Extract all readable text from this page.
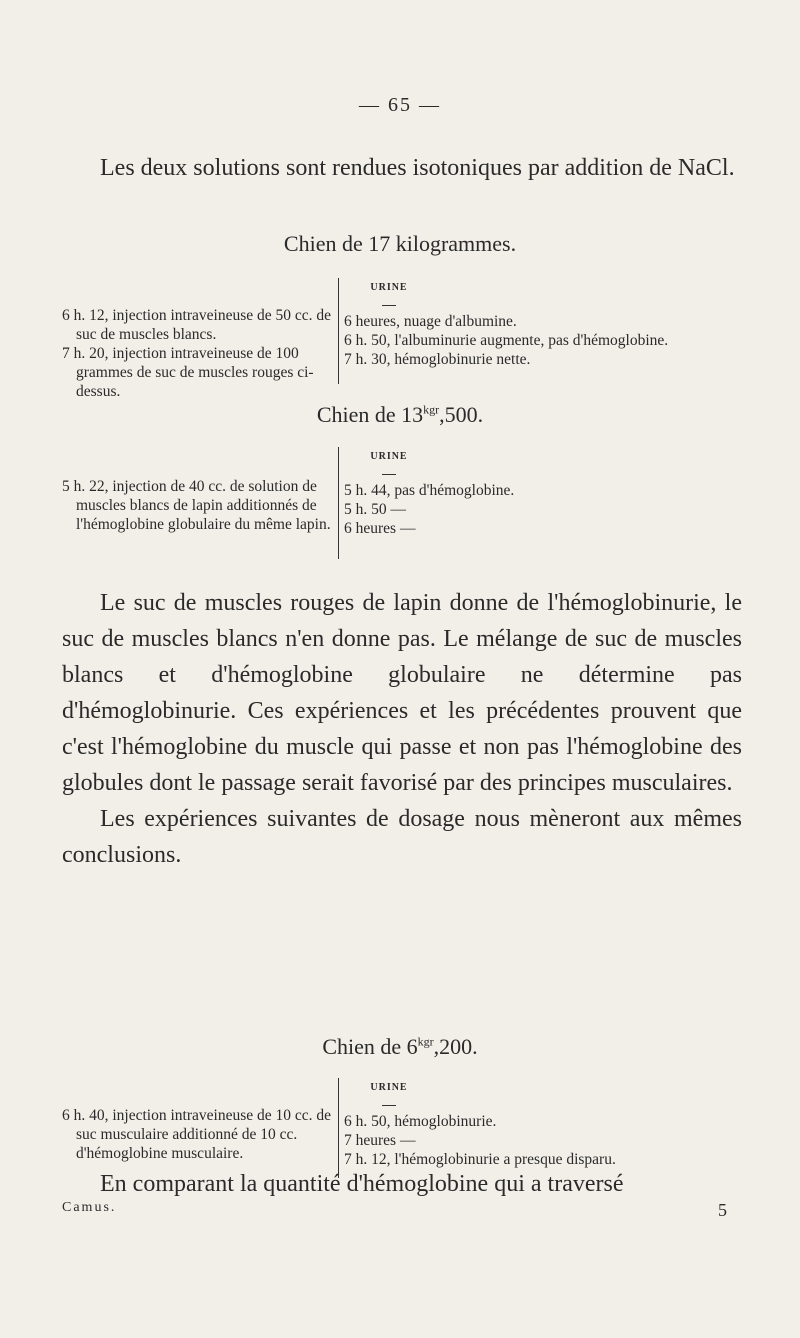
— 65 —

Les deux solutions sont rendues isotoniques par addition de NaCl.

Chien de 17 kilogrammes.

6 h. 12, injection intraveineuse de 50 cc. de suc de muscles blancs.

7 h. 20, injection intraveineuse de 100 grammes de suc de muscles rouges ci-dessus.

URINE

6 heures, nuage d'albumine.

6 h. 50, l'albuminurie augmente, pas d'hémoglobine.

7 h. 30, hémoglobinurie nette.

Chien de $13^{kgr},500$.

5 h. 22, injection de 40 cc. de solution de muscles blancs de lapin additionnés de l'hémoglobine globulaire du même lapin.

URINE

5 h. 44, pas d'hémoglobine.

5 h. 50 —

6 heures —

Le suc de muscles rouges de lapin donne de l'hémoglobinurie, le suc de muscles blancs n'en donne pas. Le mélange de suc de muscles blancs et d'hémoglobine globulaire ne détermine pas d'hémoglobinurie. Ces expériences et les précédentes prouvent que c'est l'hémoglobine du muscle qui passe et non pas l'hémoglobine des globules dont le passage serait favorisé par des principes musculaires.

Les expériences suivantes de dosage nous mèneront aux mêmes conclusions.

Chien de $6^{kgr},200$.

6 h. 40, injection intraveineuse de 10 cc. de suc musculaire additionné de 10 cc. d'hémoglobine musculaire.

URINE

6 h. 50, hémoglobinurie.

7 heures —

7 h. 12, l'hémoglobinurie a presque disparu.

En comparant la quantité d'hémoglobine qui a traversé

Camus.	5
